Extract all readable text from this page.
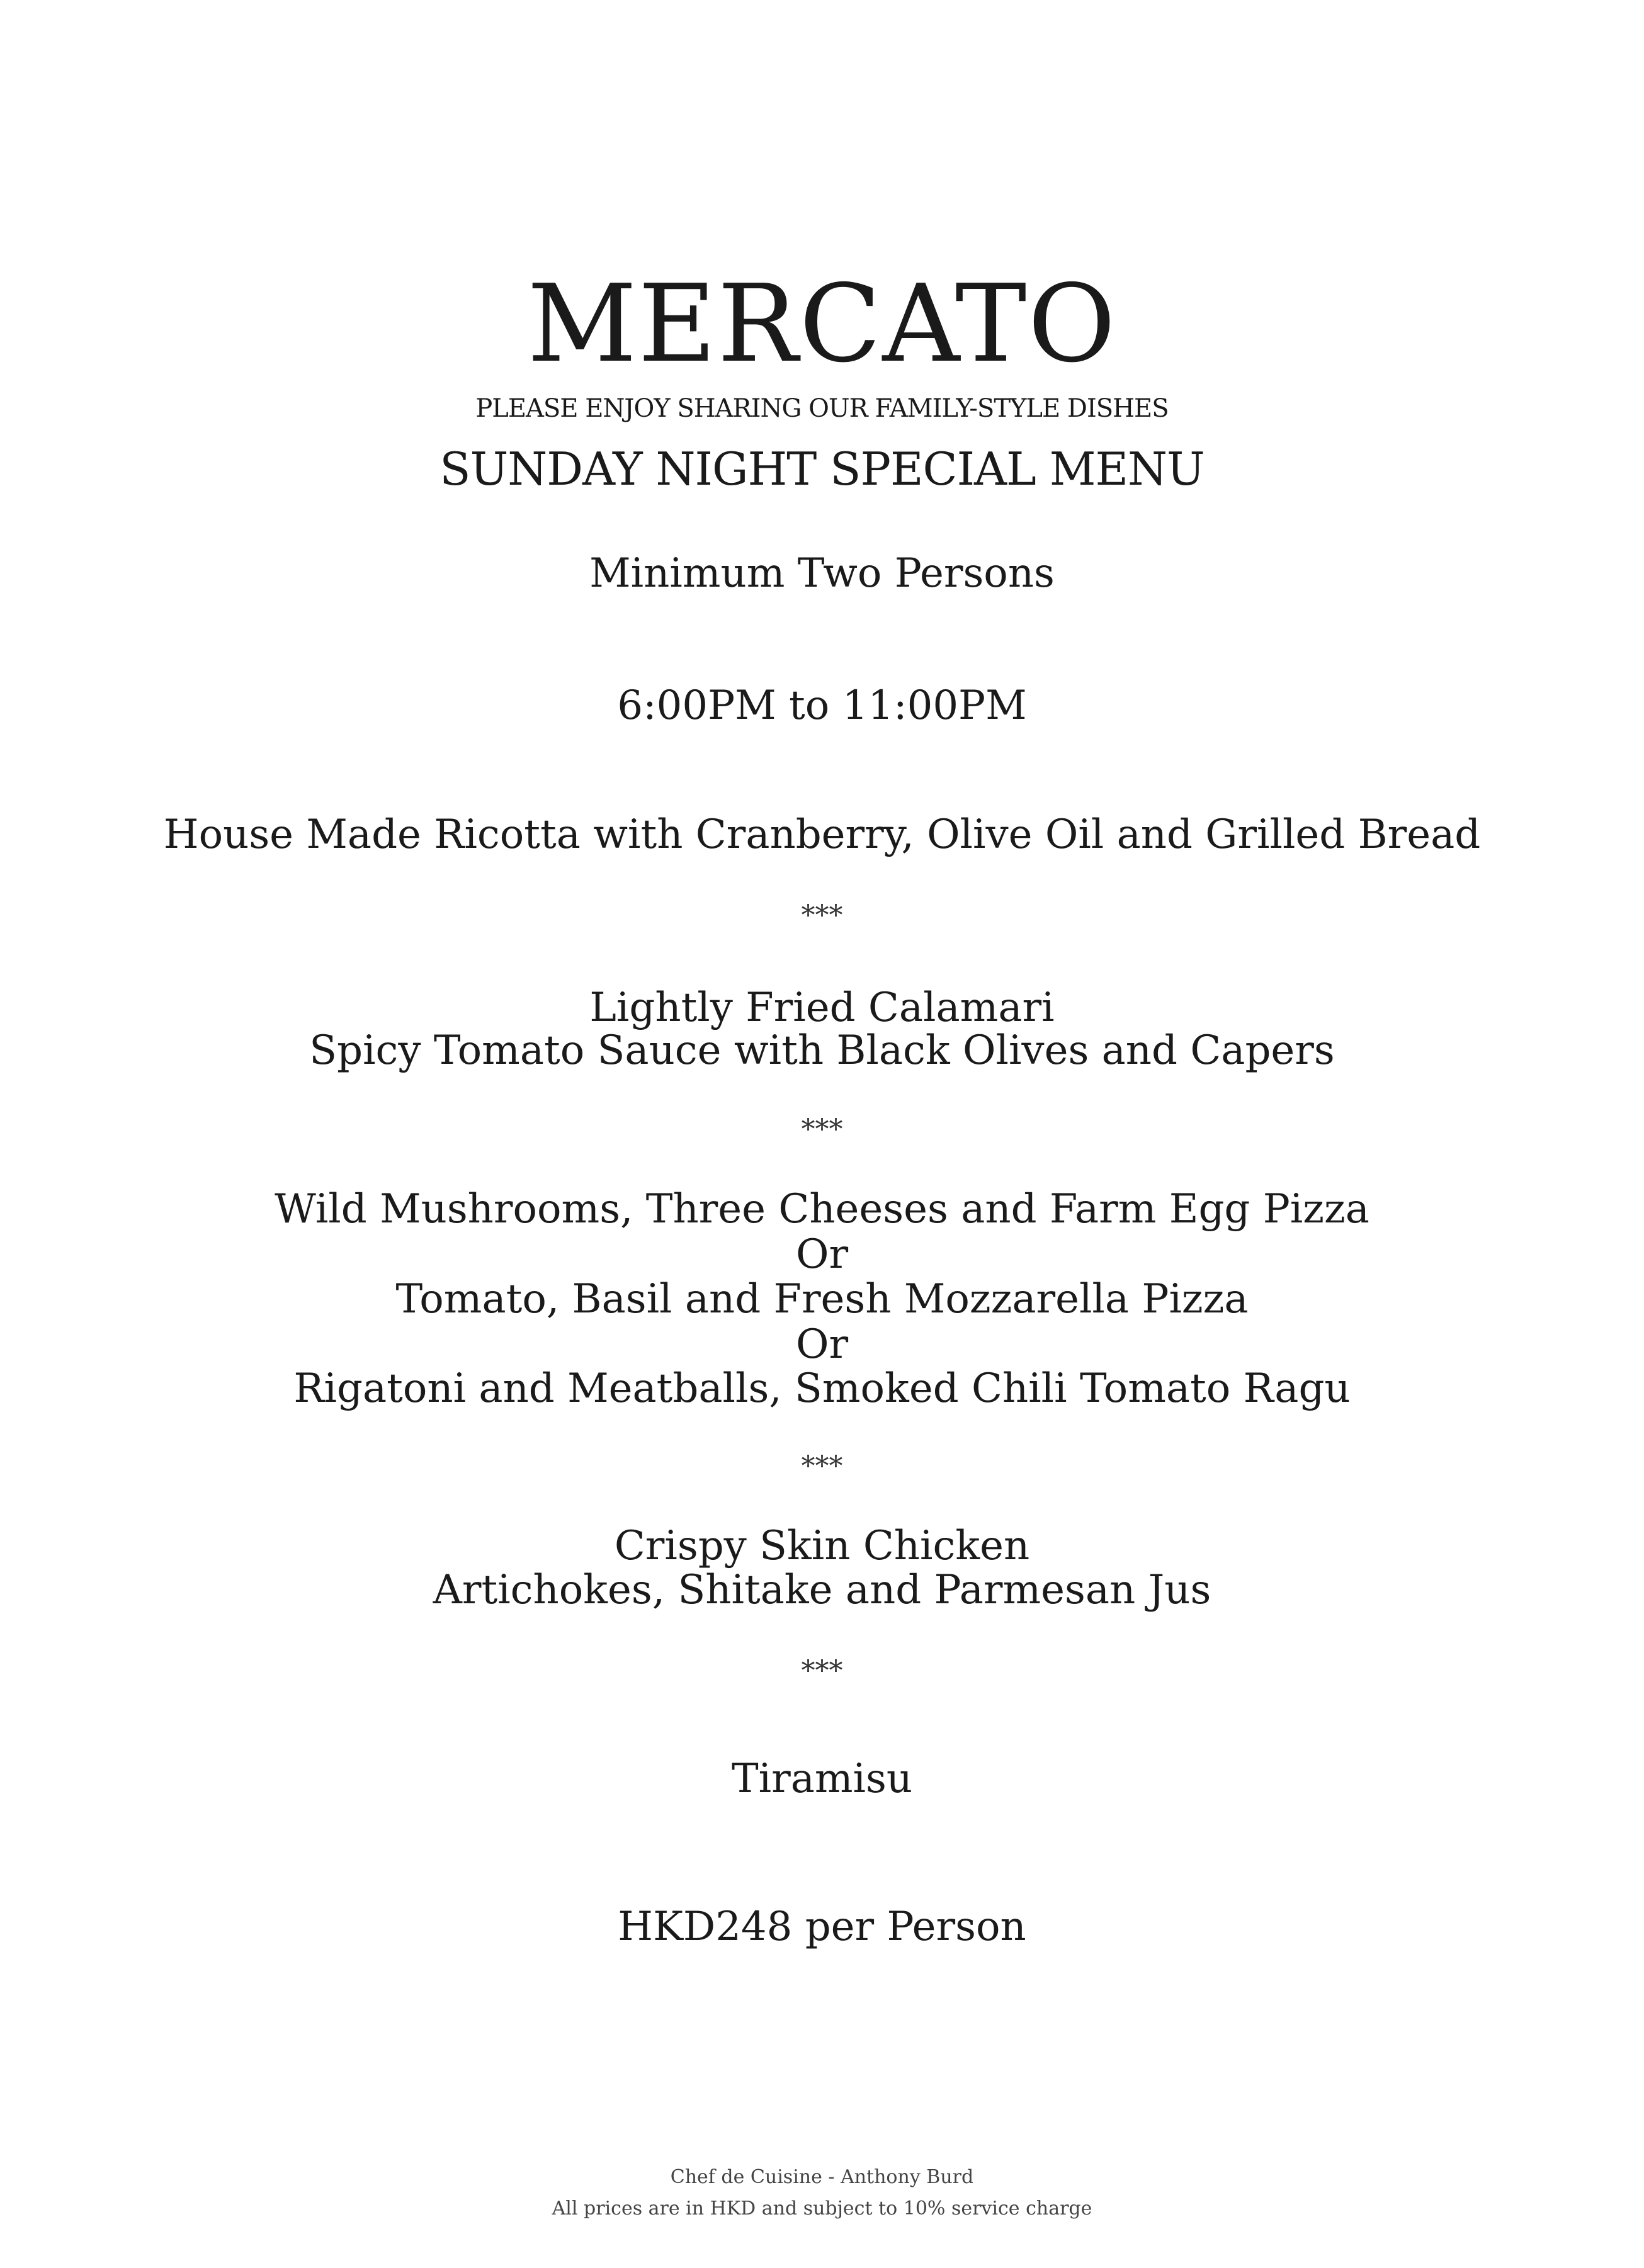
MERCATO
PLEASE ENJOY SHARING OUR FAMILY-STYLE DISHES
SUNDAY NIGHT SPECIAL MENU
Minimum Two Persons
6:00PM to 11:00PM
House Made Ricotta with Cranberry, Olive Oil and Grilled Bread
***
Lightly Fried Calamari
Spicy Tomato Sauce with Black Olives and Capers
***
Wild Mushrooms, Three Cheeses and Farm Egg Pizza
Or
Tomato, Basil and Fresh Mozzarella Pizza
Or
Rigatoni and Meatballs, Smoked Chili Tomato Ragu
***
Crispy Skin Chicken
Artichokes, Shitake and Parmesan Jus
***
Tiramisu
HKD248 per Person
Chef de Cuisine - Anthony Burd
All prices are in HKD and subject to 10% service charge
